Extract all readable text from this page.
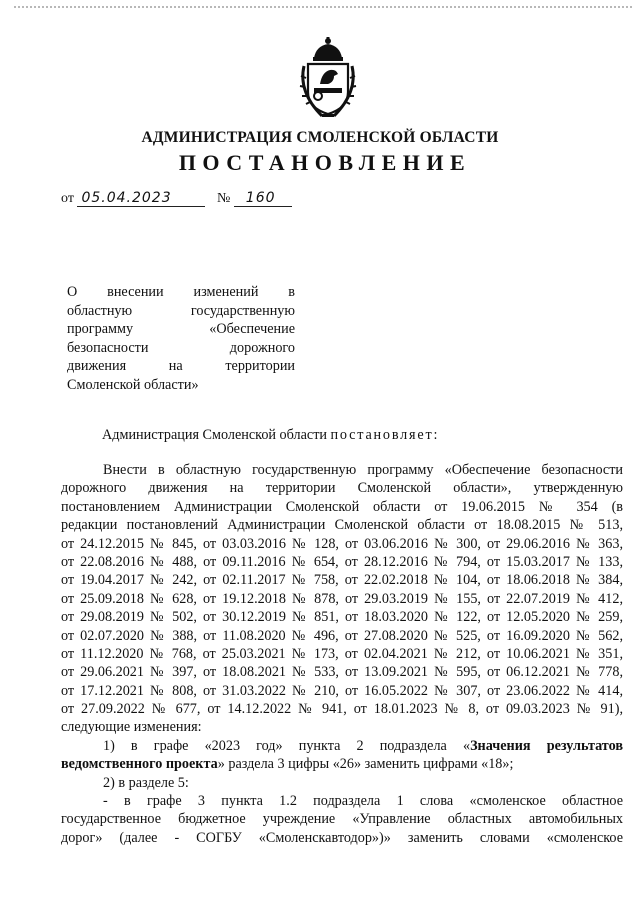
АДМИНИСТРАЦИЯ СМОЛЕНСКОЙ ОБЛАСТИ
ПОСТАНОВЛЕНИЕ
от 05.04.2023	№ 160
О внесении изменений в
областную государственную
программу «Обеспечение
безопасности дорожного
движения на территории
Смоленской области»
Администрация Смоленской области постановляет:
Внести в областную государственную программу «Обеспечение безопасности
дорожного движения на территории Смоленской области», утвержденную
постановлением Администрации Смоленской области от 19.06.2015 № 354 (в
редакции постановлений Администрации Смоленской области от 18.08.2015 № 513,
от 24.12.2015 № 845, от 03.03.2016 № 128, от 03.06.2016 № 300, от 29.06.2016 № 363,
от 22.08.2016 № 488, от 09.11.2016 № 654, от 28.12.2016 № 794, от 15.03.2017 № 133,
от 19.04.2017 № 242, от 02.11.2017 № 758, от 22.02.2018 № 104, от 18.06.2018 № 384,
от 25.09.2018 № 628, от 19.12.2018 № 878, от 29.03.2019 № 155, от 22.07.2019 № 412,
от 29.08.2019 № 502, от 30.12.2019 № 851, от 18.03.2020 № 122, от 12.05.2020 № 259,
от 02.07.2020 № 388, от 11.08.2020 № 496, от 27.08.2020 № 525, от 16.09.2020 № 562,
от 11.12.2020 № 768, от 25.03.2021 № 173, от 02.04.2021 № 212, от 10.06.2021 № 351,
от 29.06.2021 № 397, от 18.08.2021 № 533, от 13.09.2021 № 595, от 06.12.2021 № 778,
от 17.12.2021 № 808, от 31.03.2022 № 210, от 16.05.2022 № 307, от 23.06.2022 № 414,
от 27.09.2022 № 677, от 14.12.2022 № 941, от 18.01.2023 № 8, от 09.03.2023 № 91),
следующие изменения:
1) в графе «2023 год» пункта 2 подраздела «Значения результатов
ведомственного проекта» раздела 3 цифры «26» заменить цифрами «18»;
2) в разделе 5:
- в графе 3 пункта 1.2 подраздела 1 слова «смоленское областное
государственное бюджетное учреждение «Управление областных автомобильных
дорог» (далее - СОГБУ «Смоленскавтодор»)» заменить словами «смоленское
